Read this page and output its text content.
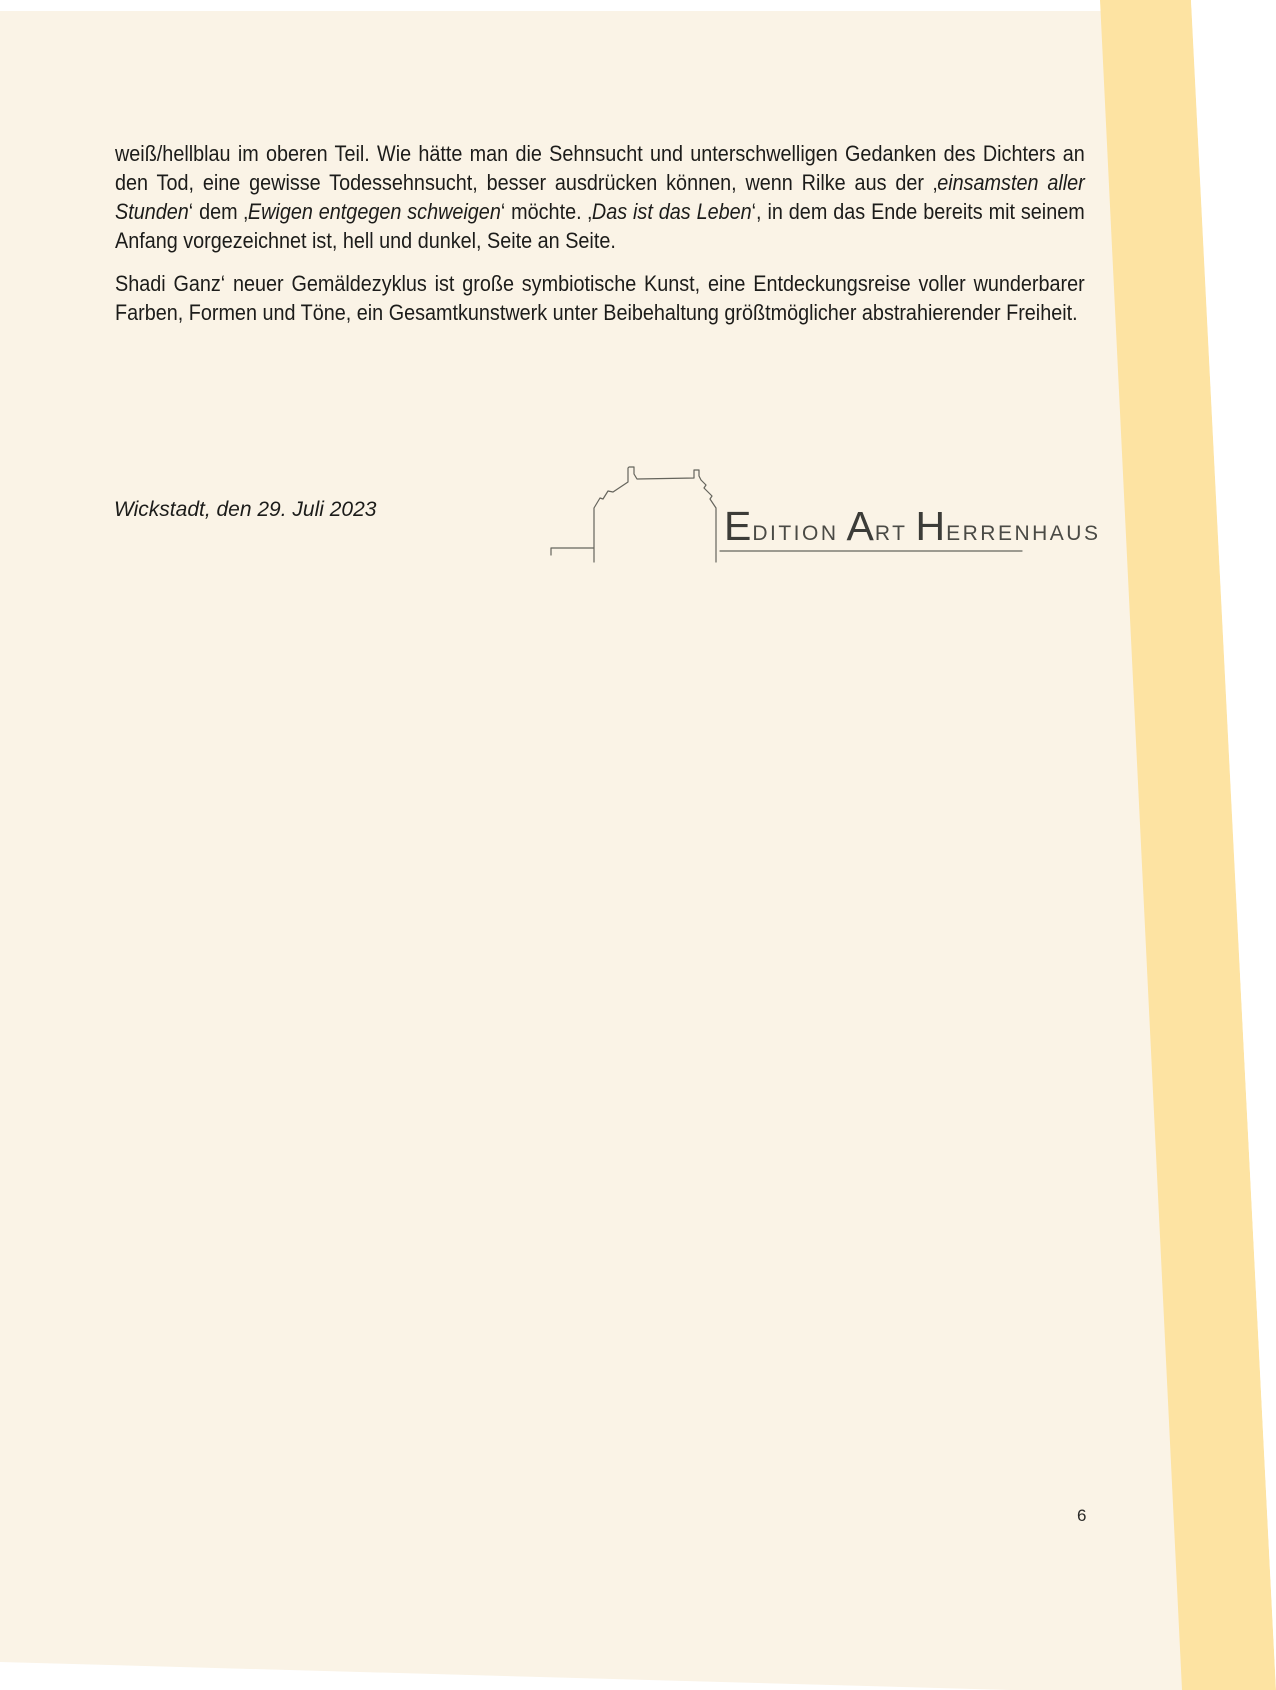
weiß/hellblau im oberen Teil. Wie hätte man die Sehnsucht und unterschwelligen Gedanken des Dichters an den Tod, eine gewisse Todessehnsucht, besser ausdrücken können, wenn Rilke aus der ‚einsamsten aller Stunden‘ dem ‚Ewigen entgegen schweigen‘ möchte. ‚Das ist das Leben‘, in dem das Ende bereits mit seinem Anfang vorgezeichnet ist, hell und dunkel, Seite an Seite.
Shadi Ganz‘ neuer Gemäldezyklus ist große symbiotische Kunst, eine Entdeckungsreise voller wunderbarer Farben, Formen und Töne, ein Gesamtkunstwerk unter Beibehaltung größtmöglicher abstrahierender Freiheit.
Wickstadt, den 29. Juli 2023	EDITION ART HERRENHAUS
6
